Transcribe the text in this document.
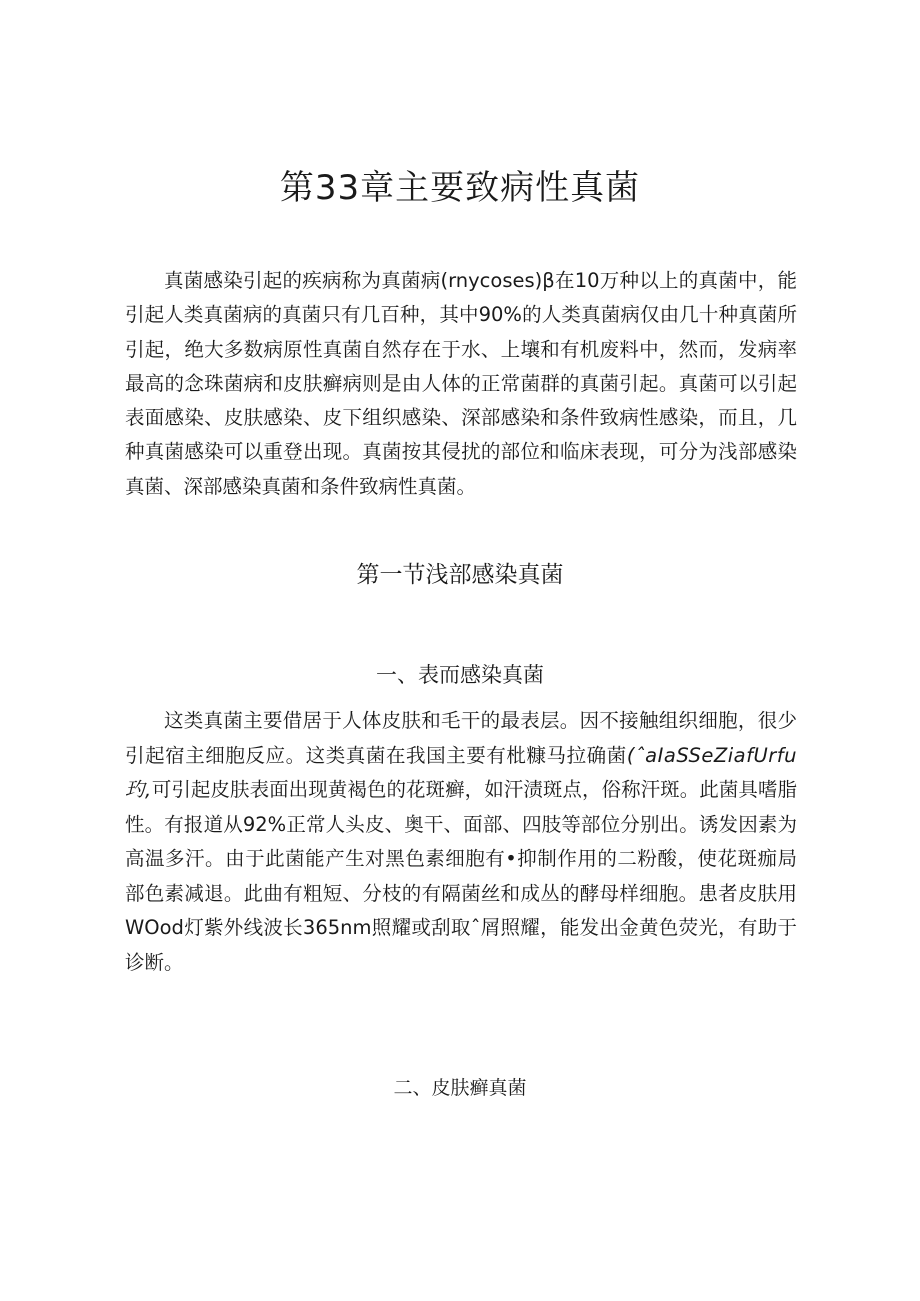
第33章主要致病性真菌

真菌感染引起的疾病称为真菌病(rnycoses)β在10万种以上的真菌中，能引起人类真菌病的真菌只有几百种，其中90%的人类真菌病仅由几十种真菌所引起，绝大多数病原性真菌自然存在于水、上壤和有机废料中，然而，发病率最高的念珠菌病和皮肤癣病则是由人体的正常菌群的真菌引起。真菌可以引起表面感染、皮肤感染、皮下组织感染、深部感染和条件致病性感染，而且，几种真菌感染可以重登出现。真菌按其侵扰的部位和临床表现，可分为浅部感染真菌、深部感染真菌和条件致病性真菌。

第一节浅部感染真菌
一、表而感染真菌

这类真菌主要借居于人体皮肤和毛干的最表层。因不接触组织细胞，很少引起宿主细胞反应。这类真菌在我国主要有枇糠马拉确菌(ˆaIaSSeZiafUrfu玓,可引起皮肤表面出现黄褐色的花斑癣，如汗渍斑点，俗称汗斑。此菌具嗜脂性。有报道从92%正常人头皮、奥干、面部、四肢等部位分别出。诱发因素为高温多汗。由于此菌能产生对黑色素细胞有•抑制作用的二粉酸，使花斑痂局部色素减退。此曲有粗短、分枝的有隔菌丝和成丛的酵母样细胞。患者皮肤用WOod灯紫外线波长365nm照耀或刮取ˆ屑照耀，能发出金黄色荧光，有助于诊断。

二、皮肤癣真菌
